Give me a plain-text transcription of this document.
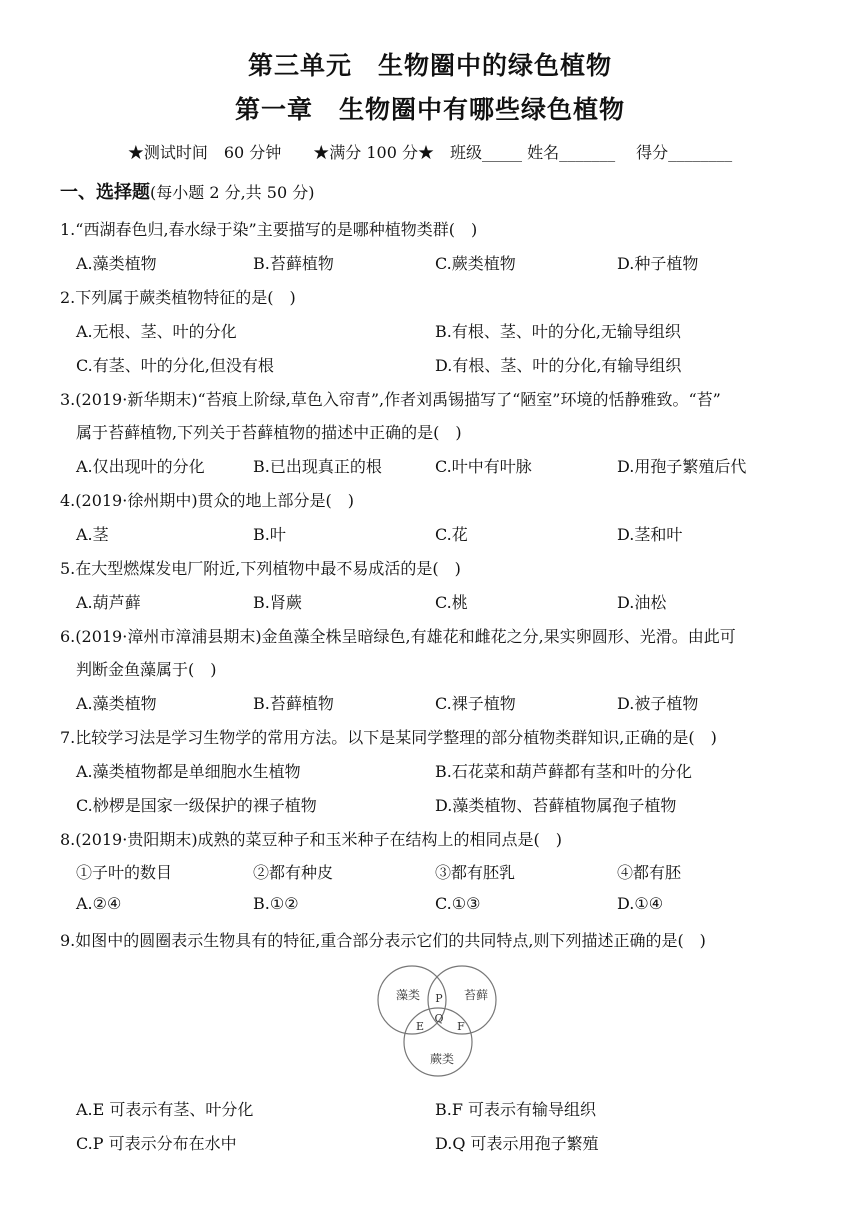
第三单元　生物圈中的绿色植物
第一章　生物圈中有哪些绿色植物
★测试时间　60 分钟　　★满分 100 分★　班级_____ 姓名_______　 得分________
一、选择题(每小题 2 分,共 50 分)
1.“西湖春色归,春水绿于染”主要描写的是哪种植物类群(　)
A.藻类植物	B.苔藓植物	C.蕨类植物	D.种子植物
2.下列属于蕨类植物特征的是(　)
A.无根、茎、叶的分化	B.有根、茎、叶的分化,无输导组织
C.有茎、叶的分化,但没有根	D.有根、茎、叶的分化,有输导组织
3.(2019·新华期末)“苔痕上阶绿,草色入帘青”,作者刘禹锡描写了“陋室”环境的恬静雅致。“苔”
属于苔藓植物,下列关于苔藓植物的描述中正确的是(　)
A.仅出现叶的分化	B.已出现真正的根	C.叶中有叶脉	D.用孢子繁殖后代
4.(2019·徐州期中)贯众的地上部分是(　)
A.茎	B.叶	C.花	D.茎和叶
5.在大型燃煤发电厂附近,下列植物中最不易成活的是(　)
A.葫芦藓	B.肾蕨	C.桃	D.油松
6.(2019·漳州市漳浦县期末)金鱼藻全株呈暗绿色,有雄花和雌花之分,果实卵圆形、光滑。由此可
判断金鱼藻属于(　)
A.藻类植物	B.苔藓植物	C.裸子植物	D.被子植物
7.比较学习法是学习生物学的常用方法。以下是某同学整理的部分植物类群知识,正确的是(　)
A.藻类植物都是单细胞水生植物	B.石花菜和葫芦藓都有茎和叶的分化
C.桫椤是国家一级保护的裸子植物	D.藻类植物、苔藓植物属孢子植物
8.(2019·贵阳期末)成熟的菜豆种子和玉米种子在结构上的相同点是(　)
①子叶的数目	②都有种皮	③都有胚乳	④都有胚
A.②④	B.①②	C.①③	D.①④
9.如图中的圆圈表示生物具有的特征,重合部分表示它们的共同特点,则下列描述正确的是(　)
藻类	苔藓
蕨类
P
Q
E	F
A.E 可表示有茎、叶分化	B.F 可表示有输导组织
C.P 可表示分布在水中	D.Q 可表示用孢子繁殖
